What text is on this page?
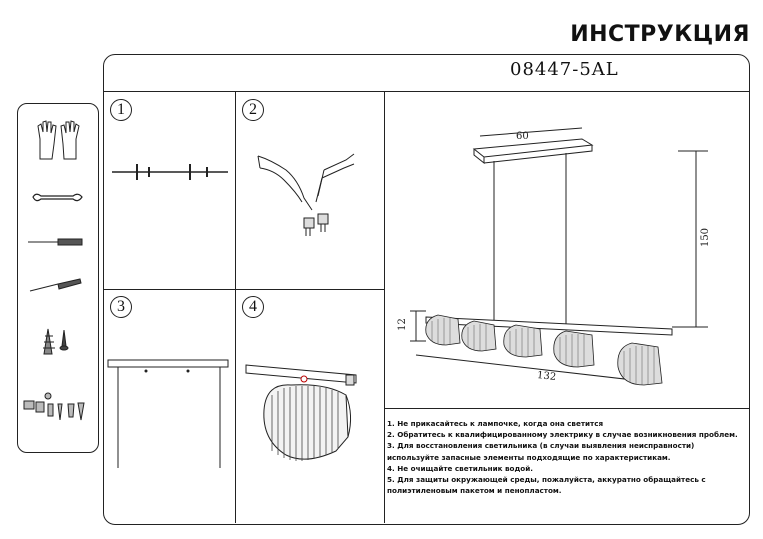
ИНСТРУКЦИЯ
08447-5AL
1	2
3	4
60
150
12
132
1. Не прикасайтесь к лампочке, когда она светится
2. Обратитесь к квалифицированному электрику в случае возникновения проблем.
3. Для восстановления светильника (в случаи выявления неисправности)
используйте запасные элементы подходящие по характеристикам.
4. Не очищайте светильник водой.
5. Для защиты окружающей среды, пожалуйста, аккуратно обращайтесь с
полиэтиленовым пакетом и пенопластом.
